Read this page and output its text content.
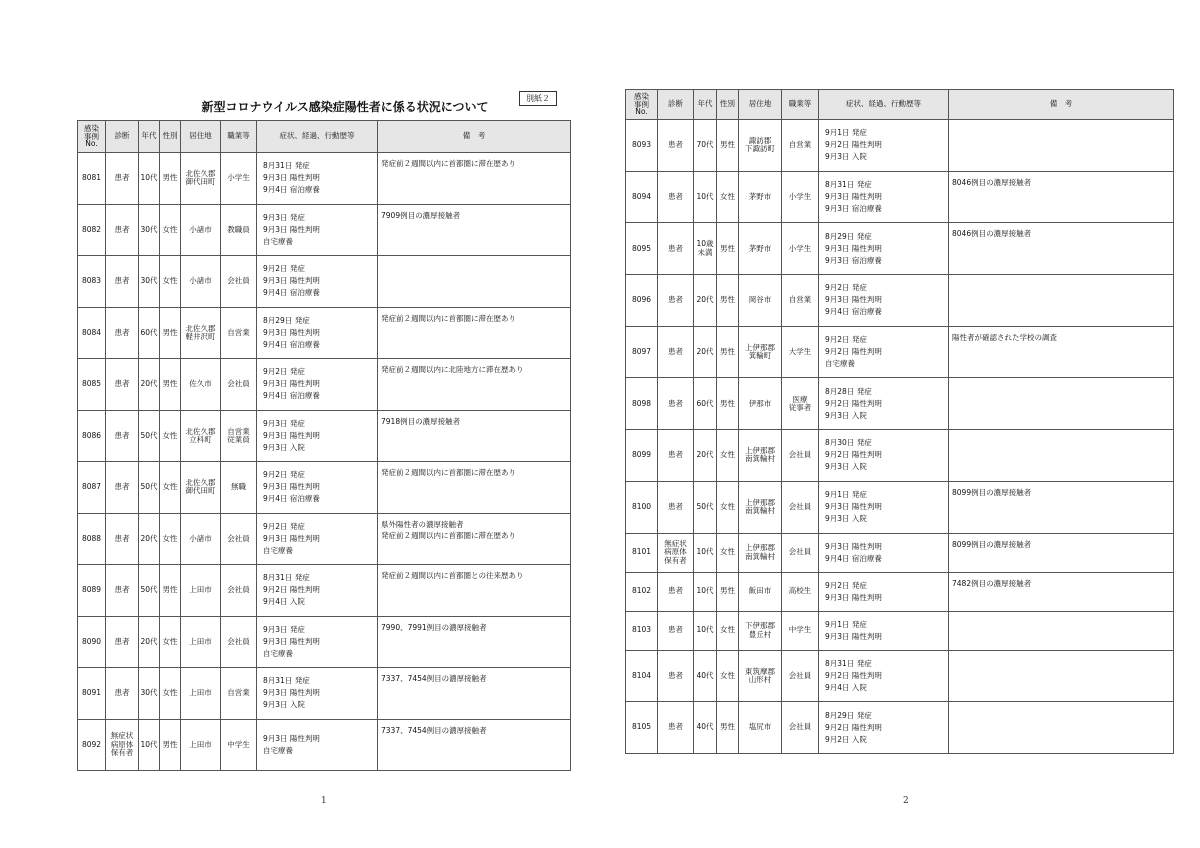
新型コロナウイルス感染症陽性者に係る状況について
別紙２
感染
事例
No.	診断	年代	性別	居住地	職業等	症状、経過、行動歴等	備　考
8081	患者	10代	男性	北佐久郡
御代田町	小学生	8月31日 発症
9月3日 陽性判明
9月4日 宿泊療養	発症前２週間以内に首都圏に滞在歴あり
8082	患者	30代	女性	小諸市	教職員	9月3日 発症
9月3日 陽性判明
自宅療養	7909例目の濃厚接触者
8083	患者	30代	女性	小諸市	会社員	9月2日 発症
9月3日 陽性判明
9月4日 宿泊療養	
8084	患者	60代	男性	北佐久郡
軽井沢町	自営業	8月29日 発症
9月3日 陽性判明
9月4日 宿泊療養	発症前２週間以内に首都圏に滞在歴あり
8085	患者	20代	男性	佐久市	会社員	9月2日 発症
9月3日 陽性判明
9月4日 宿泊療養	発症前２週間以内に北陸地方に滞在歴あり
8086	患者	50代	女性	北佐久郡
立科町	自営業
従業員	9月3日 発症
9月3日 陽性判明
9月3日 入院	7918例目の濃厚接触者
8087	患者	50代	女性	北佐久郡
御代田町	無職	9月2日 発症
9月3日 陽性判明
9月4日 宿泊療養	発症前２週間以内に首都圏に滞在歴あり
8088	患者	20代	女性	小諸市	会社員	9月2日 発症
9月3日 陽性判明
自宅療養	県外陽性者の濃厚接触者
発症前２週間以内に首都圏に滞在歴あり
8089	患者	50代	男性	上田市	会社員	8月31日 発症
9月2日 陽性判明
9月4日 入院	発症前２週間以内に首都圏との往来歴あり
8090	患者	20代	女性	上田市	会社員	9月3日 発症
9月3日 陽性判明
自宅療養	7990、7991例目の濃厚接触者
8091	患者	30代	女性	上田市	自営業	8月31日 発症
9月3日 陽性判明
9月3日 入院	7337、7454例目の濃厚接触者
8092	無症状
病原体
保有者	10代	男性	上田市	中学生	9月3日 陽性判明
自宅療養	7337、7454例目の濃厚接触者
1
感染
事例
No.	診断	年代	性別	居住地	職業等	症状、経過、行動歴等	備　考
8093	患者	70代	男性	諏訪郡
下諏訪町	自営業	9月1日 発症
9月2日 陽性判明
9月3日 入院	
8094	患者	10代	女性	茅野市	小学生	8月31日 発症
9月3日 陽性判明
9月3日 宿泊療養	8046例目の濃厚接触者
8095	患者	10歳
未満	男性	茅野市	小学生	8月29日 発症
9月3日 陽性判明
9月3日 宿泊療養	8046例目の濃厚接触者
8096	患者	20代	男性	岡谷市	自営業	9月2日 発症
9月3日 陽性判明
9月4日 宿泊療養	
8097	患者	20代	男性	上伊那郡
箕輪町	大学生	9月2日 発症
9月2日 陽性判明
自宅療養	陽性者が確認された学校の調査
8098	患者	60代	男性	伊那市	医療
従事者	8月28日 発症
9月2日 陽性判明
9月3日 入院	
8099	患者	20代	女性	上伊那郡
南箕輪村	会社員	8月30日 発症
9月2日 陽性判明
9月3日 入院	
8100	患者	50代	女性	上伊那郡
南箕輪村	会社員	9月1日 発症
9月3日 陽性判明
9月3日 入院	8099例目の濃厚接触者
8101	無症状
病原体
保有者	10代	女性	上伊那郡
南箕輪村	会社員	9月3日 陽性判明
9月4日 宿泊療養	8099例目の濃厚接触者
8102	患者	10代	男性	飯田市	高校生	9月2日 発症
9月3日 陽性判明	7482例目の濃厚接触者
8103	患者	10代	女性	下伊那郡
豊丘村	中学生	9月1日 発症
9月3日 陽性判明	
8104	患者	40代	女性	東筑摩郡
山形村	会社員	8月31日 発症
9月2日 陽性判明
9月4日 入院	
8105	患者	40代	男性	塩尻市	会社員	8月29日 発症
9月2日 陽性判明
9月2日 入院	
2
